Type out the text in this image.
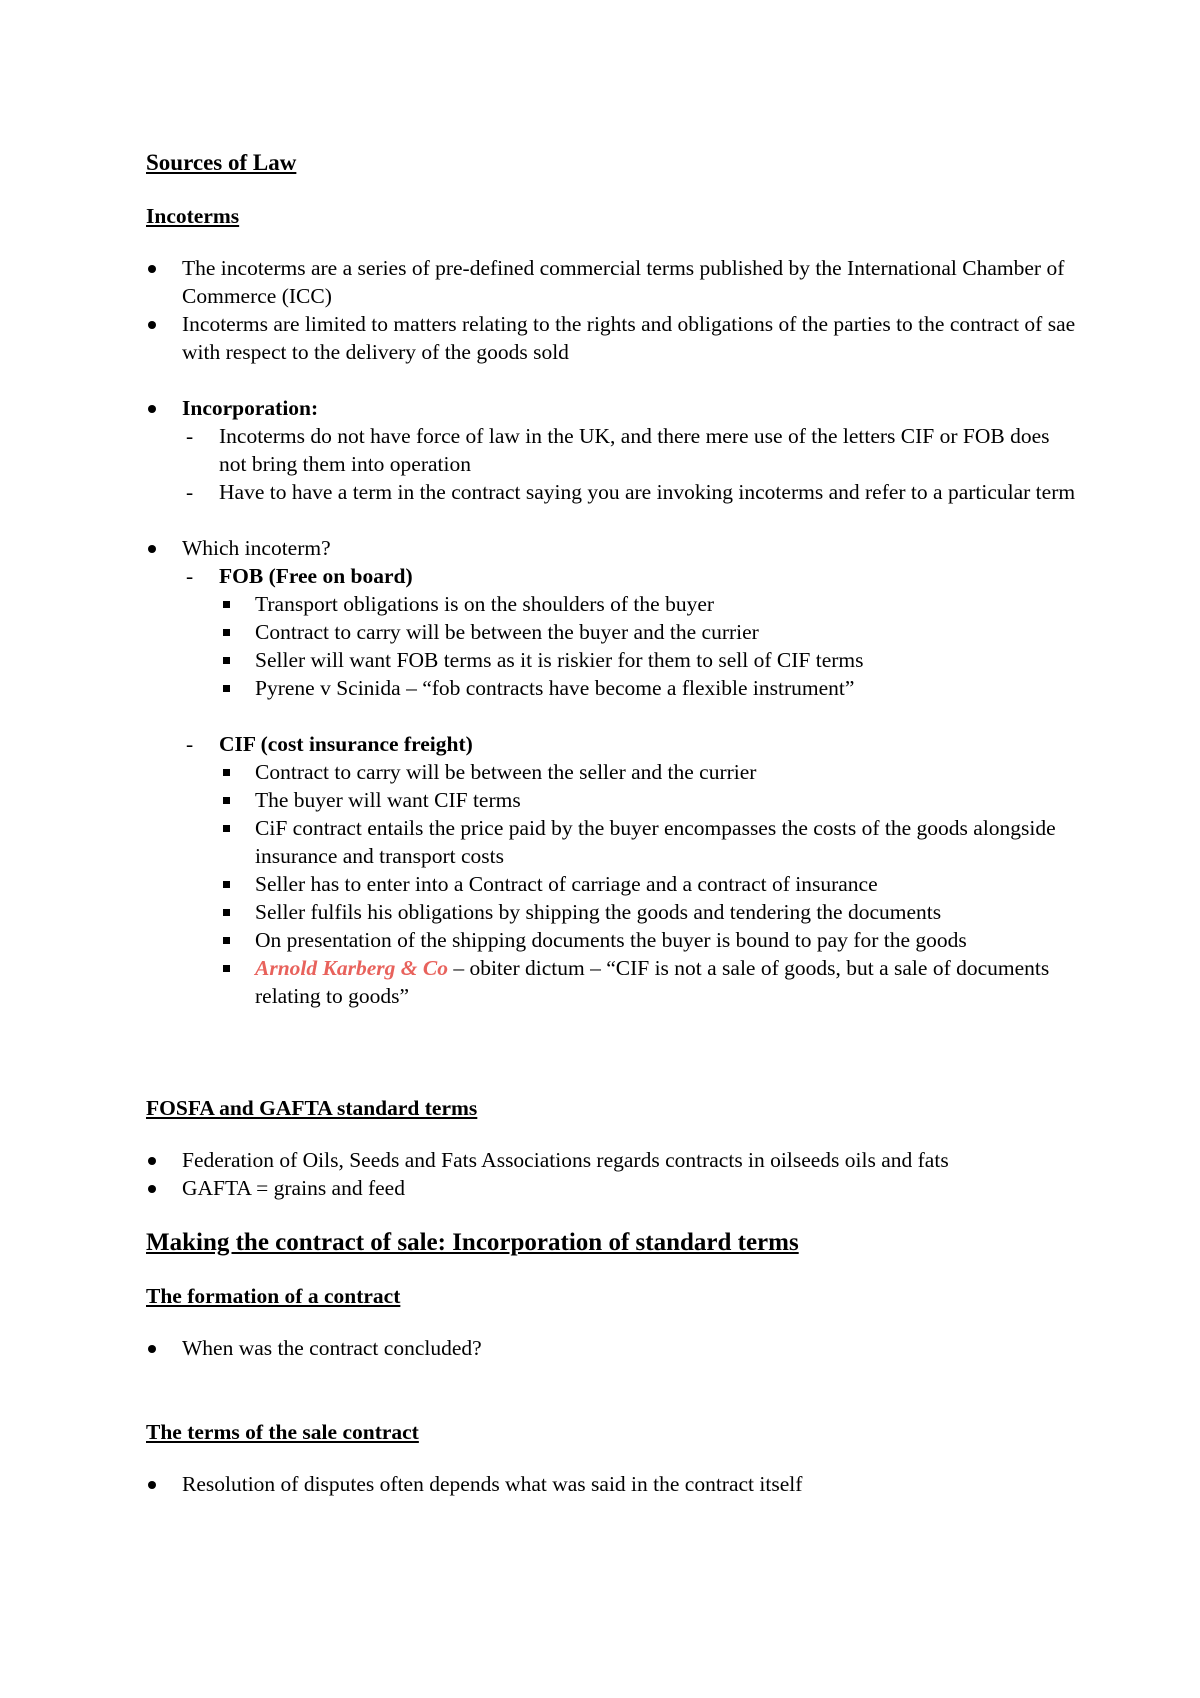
Sources of Law
Incoterms
The incoterms are a series of pre-defined commercial terms published by the International Chamber of Commerce (ICC)
Incoterms are limited to matters relating to the rights and obligations of the parties to the contract of sae with respect to the delivery of the goods sold
Incorporation:
- Incoterms do not have force of law in the UK, and there mere use of the letters CIF or FOB does not bring them into operation
- Have to have a term in the contract saying you are invoking incoterms and refer to a particular term
Which incoterm?
- FOB (Free on board)
Transport obligations is on the shoulders of the buyer
Contract to carry will be between the buyer and the currier
Seller will want FOB terms as it is riskier for them to sell of CIF terms
Pyrene v Scinida – “fob contracts have become a flexible instrument”
- CIF (cost insurance freight)
Contract to carry will be between the seller and the currier
The buyer will want CIF terms
CiF contract entails the price paid by the buyer encompasses the costs of the goods alongside insurance and transport costs
Seller has to enter into a Contract of carriage and a contract of insurance
Seller fulfils his obligations by shipping the goods and tendering the documents
On presentation of the shipping documents the buyer is bound to pay for the goods
Arnold Karberg & Co – obiter dictum – “CIF is not a sale of goods, but a sale of documents relating to goods”
FOSFA and GAFTA standard terms
Federation of Oils, Seeds and Fats Associations regards contracts in oilseeds oils and fats
GAFTA = grains and feed
Making the contract of sale: Incorporation of standard terms
The formation of a contract
When was the contract concluded?
The terms of the sale contract
Resolution of disputes often depends what was said in the contract itself
